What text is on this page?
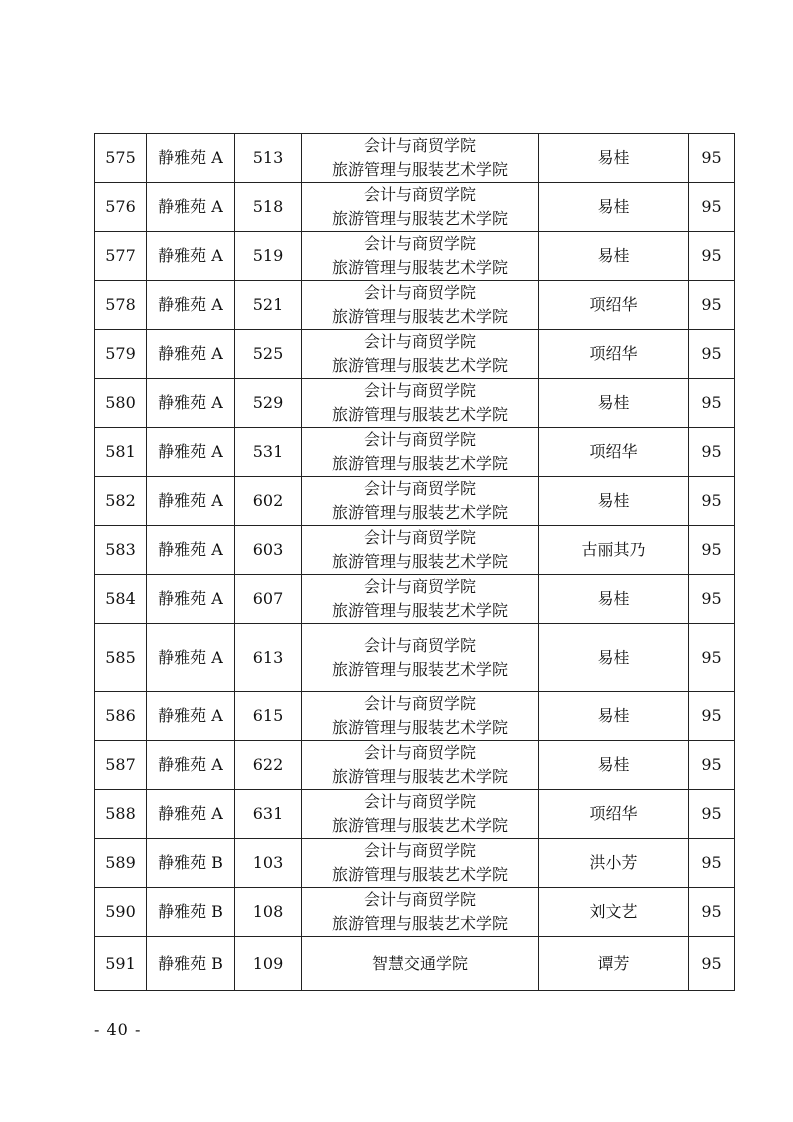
575	静雅苑 A	513	会计与商贸学院
旅游管理与服装艺术学院	易桂	95
576	静雅苑 A	518	会计与商贸学院
旅游管理与服装艺术学院	易桂	95
577	静雅苑 A	519	会计与商贸学院
旅游管理与服装艺术学院	易桂	95
578	静雅苑 A	521	会计与商贸学院
旅游管理与服装艺术学院	项绍华	95
579	静雅苑 A	525	会计与商贸学院
旅游管理与服装艺术学院	项绍华	95
580	静雅苑 A	529	会计与商贸学院
旅游管理与服装艺术学院	易桂	95
581	静雅苑 A	531	会计与商贸学院
旅游管理与服装艺术学院	项绍华	95
582	静雅苑 A	602	会计与商贸学院
旅游管理与服装艺术学院	易桂	95
583	静雅苑 A	603	会计与商贸学院
旅游管理与服装艺术学院	古丽其乃	95
584	静雅苑 A	607	会计与商贸学院
旅游管理与服装艺术学院	易桂	95
585	静雅苑 A	613	会计与商贸学院
旅游管理与服装艺术学院	易桂	95
586	静雅苑 A	615	会计与商贸学院
旅游管理与服装艺术学院	易桂	95
587	静雅苑 A	622	会计与商贸学院
旅游管理与服装艺术学院	易桂	95
588	静雅苑 A	631	会计与商贸学院
旅游管理与服装艺术学院	项绍华	95
589	静雅苑 B	103	会计与商贸学院
旅游管理与服装艺术学院	洪小芳	95
590	静雅苑 B	108	会计与商贸学院
旅游管理与服装艺术学院	刘文艺	95
591	静雅苑 B	109	智慧交通学院	谭芳	95
- 40 -
